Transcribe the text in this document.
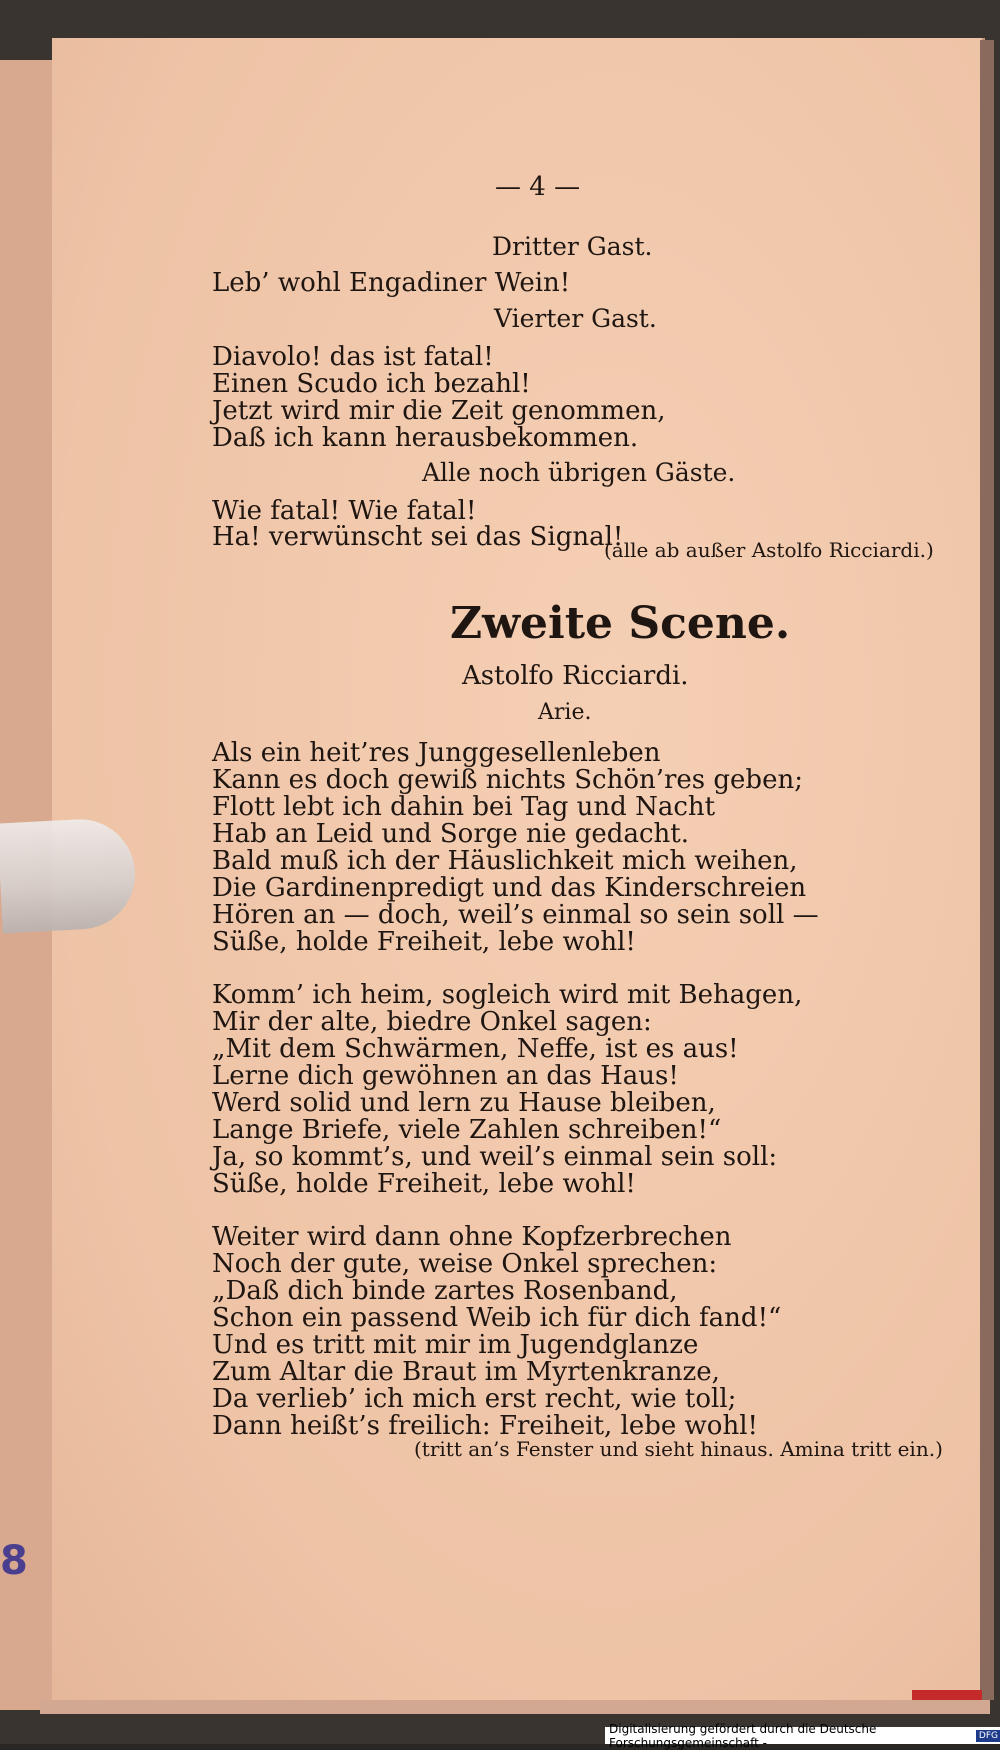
8
— 4 —
Dritter Gast.
Leb’ wohl Engadiner Wein!
Vierter Gast.
Diavolo! das ist fatal!
Einen Scudo ich bezahl!
Jetzt wird mir die Zeit genommen,
Daß ich kann herausbekommen.
Alle noch übrigen Gäste.
Wie fatal! Wie fatal!
Ha! verwünscht sei das Signal!
(alle ab außer Astolfo Ricciardi.)
Zweite Scene.
Astolfo Ricciardi.
Arie.
Als ein heit’res Junggesellenleben
Kann es doch gewiß nichts Schön’res geben;
Flott lebt ich dahin bei Tag und Nacht
Hab an Leid und Sorge nie gedacht.
Bald muß ich der Häuslichkeit mich weihen,
Die Gardinenpredigt und das Kinderschreien
Hören an — doch, weil’s einmal so sein soll —
Süße, holde Freiheit, lebe wohl!
Komm’ ich heim, sogleich wird mit Behagen,
Mir der alte, biedre Onkel sagen:
„Mit dem Schwärmen, Neffe, ist es aus!
Lerne dich gewöhnen an das Haus!
Werd solid und lern zu Hause bleiben,
Lange Briefe, viele Zahlen schreiben!“
Ja, so kommt’s, und weil’s einmal sein soll:
Süße, holde Freiheit, lebe wohl!
Weiter wird dann ohne Kopfzerbrechen
Noch der gute, weise Onkel sprechen:
„Daß dich binde zartes Rosenband,
Schon ein passend Weib ich für dich fand!“
Und es tritt mit mir im Jugendglanze
Zum Altar die Braut im Myrtenkranze,
Da verlieb’ ich mich erst recht, wie toll;
Dann heißt’s freilich: Freiheit, lebe wohl!
(tritt an’s Fenster und sieht hinaus. Amina tritt ein.)
Digitalisierung gefördert durch die Deutsche Forschungsgemeinschaft -	DFG
